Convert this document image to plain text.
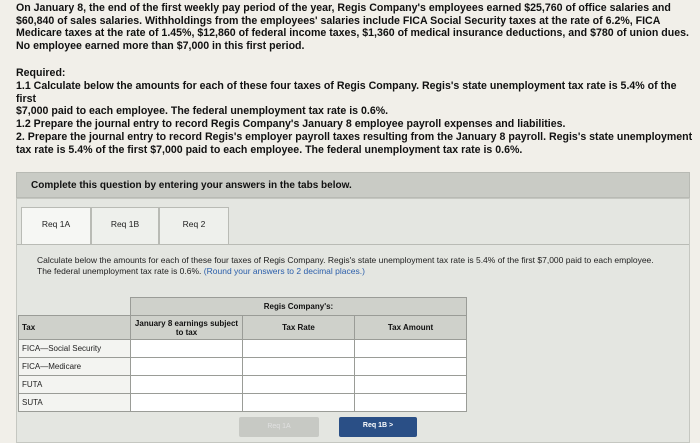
On January 8, the end of the first weekly pay period of the year, Regis Company's employees earned $25,760 of office salaries and

$60,840 of sales salaries. Withholdings from the employees' salaries include FICA Social Security taxes at the rate of 6.2%, FICA

Medicare taxes at the rate of 1.45%, $12,860 of federal income taxes, $1,360 of medical insurance deductions, and $780 of union dues.

No employee earned more than $7,000 in this first period.

Required:

1.1 Calculate below the amounts for each of these four taxes of Regis Company. Regis's state unemployment tax rate is 5.4% of the first

$7,000 paid to each employee. The federal unemployment tax rate is 0.6%.

1.2 Prepare the journal entry to record Regis Company's January 8 employee payroll expenses and liabilities.

2. Prepare the journal entry to record Regis's employer payroll taxes resulting from the January 8 payroll. Regis's state unemployment

tax rate is 5.4% of the first $7,000 paid to each employee. The federal unemployment tax rate is 0.6%.

Complete this question by entering your answers in the tabs below.
Req 1A	Req 1B	Req 2
Calculate below the amounts for each of these four taxes of Regis Company. Regis's state unemployment tax rate is 5.4% of the first $7,000 paid to each employee. The federal unemployment tax rate is 0.6%. (Round your answers to 2 decimal places.)
	Regis Company's:		
Tax	January 8 earnings subject to tax	Tax Rate	Tax Amount
FICA—Social Security			
FICA—Medicare			
FUTA			
SUTA			
Req 1A	Req 1B >
